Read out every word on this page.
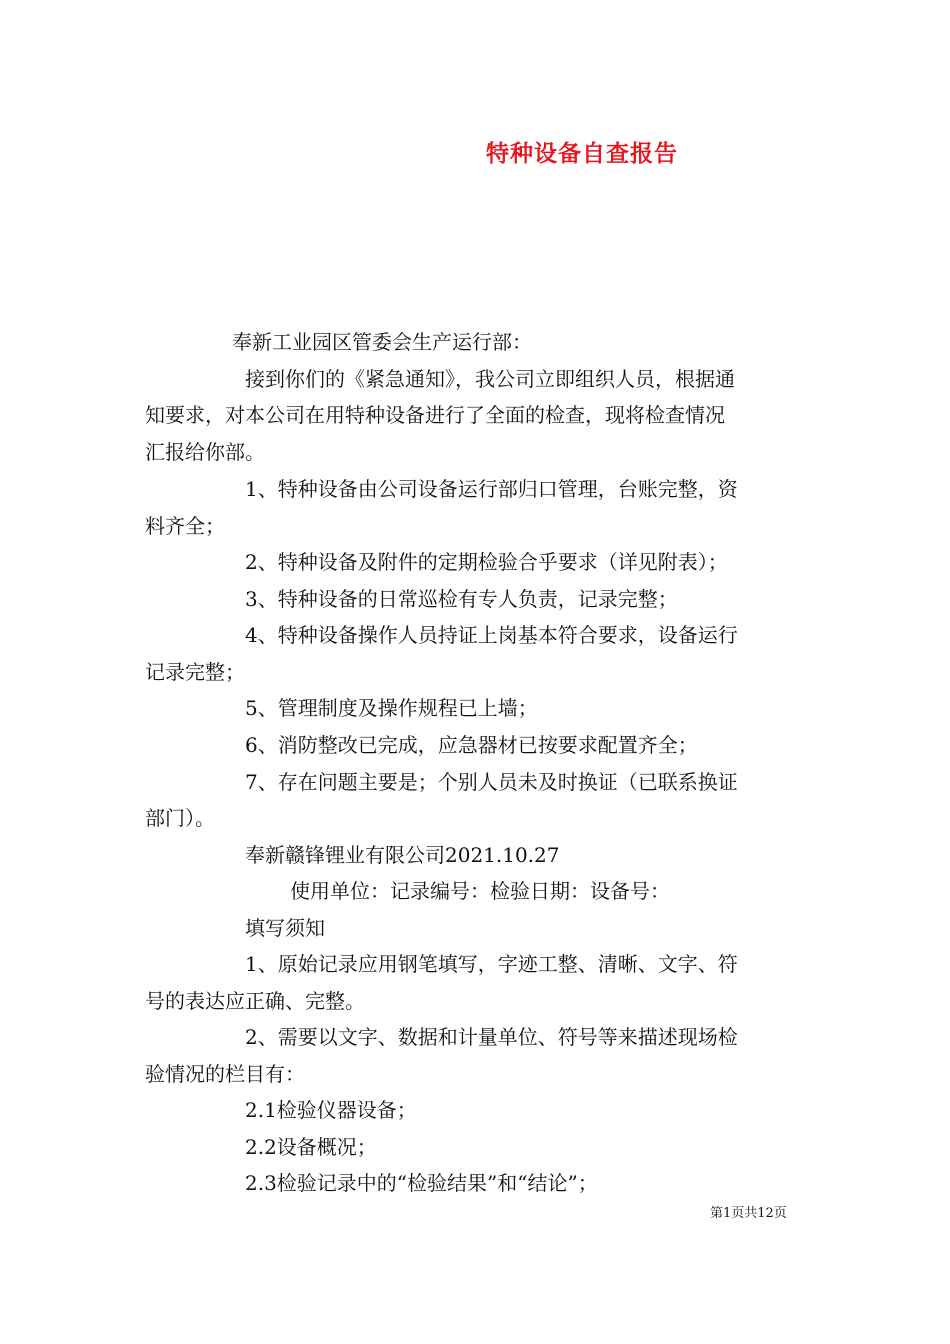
特种设备自查报告

奉新工业园区管委会生产运行部：

接到你们的《紧急通知》，我公司立即组织人员，根据通

知要求，对本公司在用特种设备进行了全面的检查，现将检查情况

汇报给你部。

1、特种设备由公司设备运行部归口管理，台账完整，资

料齐全；

2、特种设备及附件的定期检验合乎要求（详见附表）；

3、特种设备的日常巡检有专人负责，记录完整；

4、特种设备操作人员持证上岗基本符合要求，设备运行

记录完整；

5、管理制度及操作规程已上墙；

6、消防整改已完成，应急器材已按要求配置齐全；

7、存在问题主要是；个别人员未及时换证（已联系换证

部门）。

奉新赣锋锂业有限公司2021.10.27

使用单位：记录编号：检验日期：设备号：

填写须知

1、原始记录应用钢笔填写，字迹工整、清晰、文字、符

号的表达应正确、完整。

2、需要以文字、数据和计量单位、符号等来描述现场检

验情况的栏目有：

2.1检验仪器设备；

2.2设备概况；

2.3检验记录中的“检验结果”和“结论”；

第1页共12页
